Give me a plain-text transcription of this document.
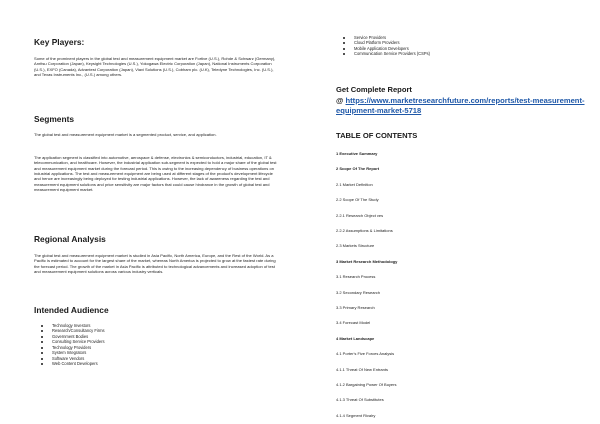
Key Players:

Some of the prominent players in the global test and measurement equipment market are Fortive (U.S.), Rohde & Schwarz (Germany), Anritsu Corporation (Japan), Keysight Technologies (U.S.), Yokogawa Electric Corporation (Japan), National Instruments Corporation (U.S.), EXFO (Canada), Advantest Corporation (Japan), Viavi Solutions (U.S.), Cobham plc. (U.K), Teledyne Technologies, Inc. (U.S.), and Texas Instruments Inc., (U.S.) among others.

Segments

The global test and measurement equipment market is a segmented product, service, and application.

The application segment is classified into automotive, aerospace & defense, electronics & semiconductors, industrial, education, IT & telecommunication, and healthcare. However, the industrial application sub-segment is expected to hold a major share of the global test and measurement equipment market during the forecast period. This is owing to the increasing dependency of business operations on industrial applications. The test and measurement equipment are being used at different stages of the product's development lifecycle and hence are increasingly being deployed for testing industrial applications. However, the lack of awareness regarding the test and measurement equipment solutions and price sensitivity are major factors that could cause hindrance in the growth of global test and measurement equipment market.

Regional Analysis

The global test and measurement equipment market is studied in Asia Pacific, North America, Europe, and the Rest of the World. As a Pacific is estimated to account for the largest share of the market, whereas North America is projected to grow at the fastest rate during the forecast period. The growth of the market in Asia Pacific is attributed to technological advancements and increased adoption of test and measurement equipment solutions across various industry verticals.

Intended Audience
Technology Investors
Research/Consultancy Firms
Government Bodies
Consulting Service Providers
Technology Providers
System Integrators
Software Vendors
Web Content Developers
Service Providers
Cloud Platform Providers
Mobile Application Developers
Communication Service Providers (CSPs)
Get Complete Report
@ https://www.marketresearchfuture.com/reports/test-measurement-equipment-market-5718
TABLE OF CONTENTS
1 Executive Summary
2 Scope Of The Report
2.1 Market Definition
2.2 Scope Of The Study
2.2.1 Research Object ves
2.2.2 Assumptions & Limitations
2.3 Markets Structure
3 Market Research Methodology
3.1 Research Process
3.2 Secondary Research
3.3 Primary Research
3.4 Forecast Model
4 Market Landscape
4.1 Porter's Five Forces Analysis
4.1.1 Threat Of New Entrants
4.1.2 Bargaining Power Of Buyers
4.1.3 Threat Of Substitutes
4.1.4 Segment Rivalry
